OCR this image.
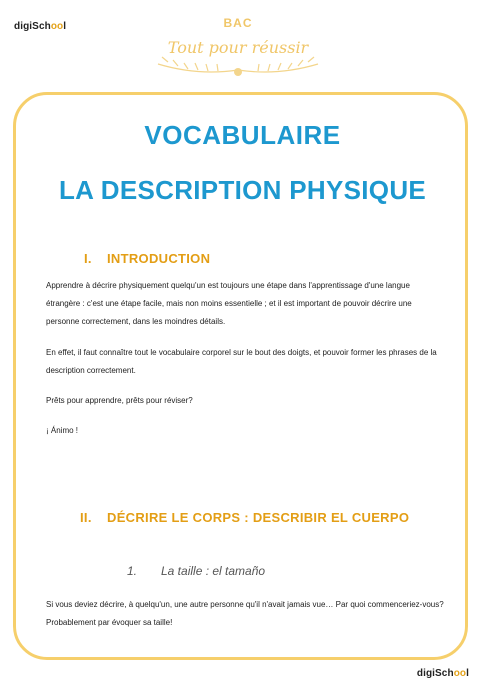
digiSchool	BAC
Tout pour réussir
VOCABULAIRE
LA DESCRIPTION PHYSIQUE
I. INTRODUCTION
Apprendre à décrire physiquement quelqu'un est toujours une étape dans l'apprentissage d'une langue étrangère : c'est une étape facile, mais non moins essentielle ; et il est important de pouvoir décrire une personne correctement, dans les moindres détails.
En effet, il faut connaître tout le vocabulaire corporel sur le bout des doigts, et pouvoir former les phrases de la description correctement.
Prêts pour apprendre, prêts pour réviser?
¡ Ánimo !
II. DÉCRIRE LE CORPS : DESCRIBIR EL CUERPO
1. La taille : el tamaño
Si vous deviez décrire, à quelqu'un, une autre personne qu'il n'avait jamais vue… Par quoi commenceriez-vous? Probablement par évoquer sa taille!
digiSchool
